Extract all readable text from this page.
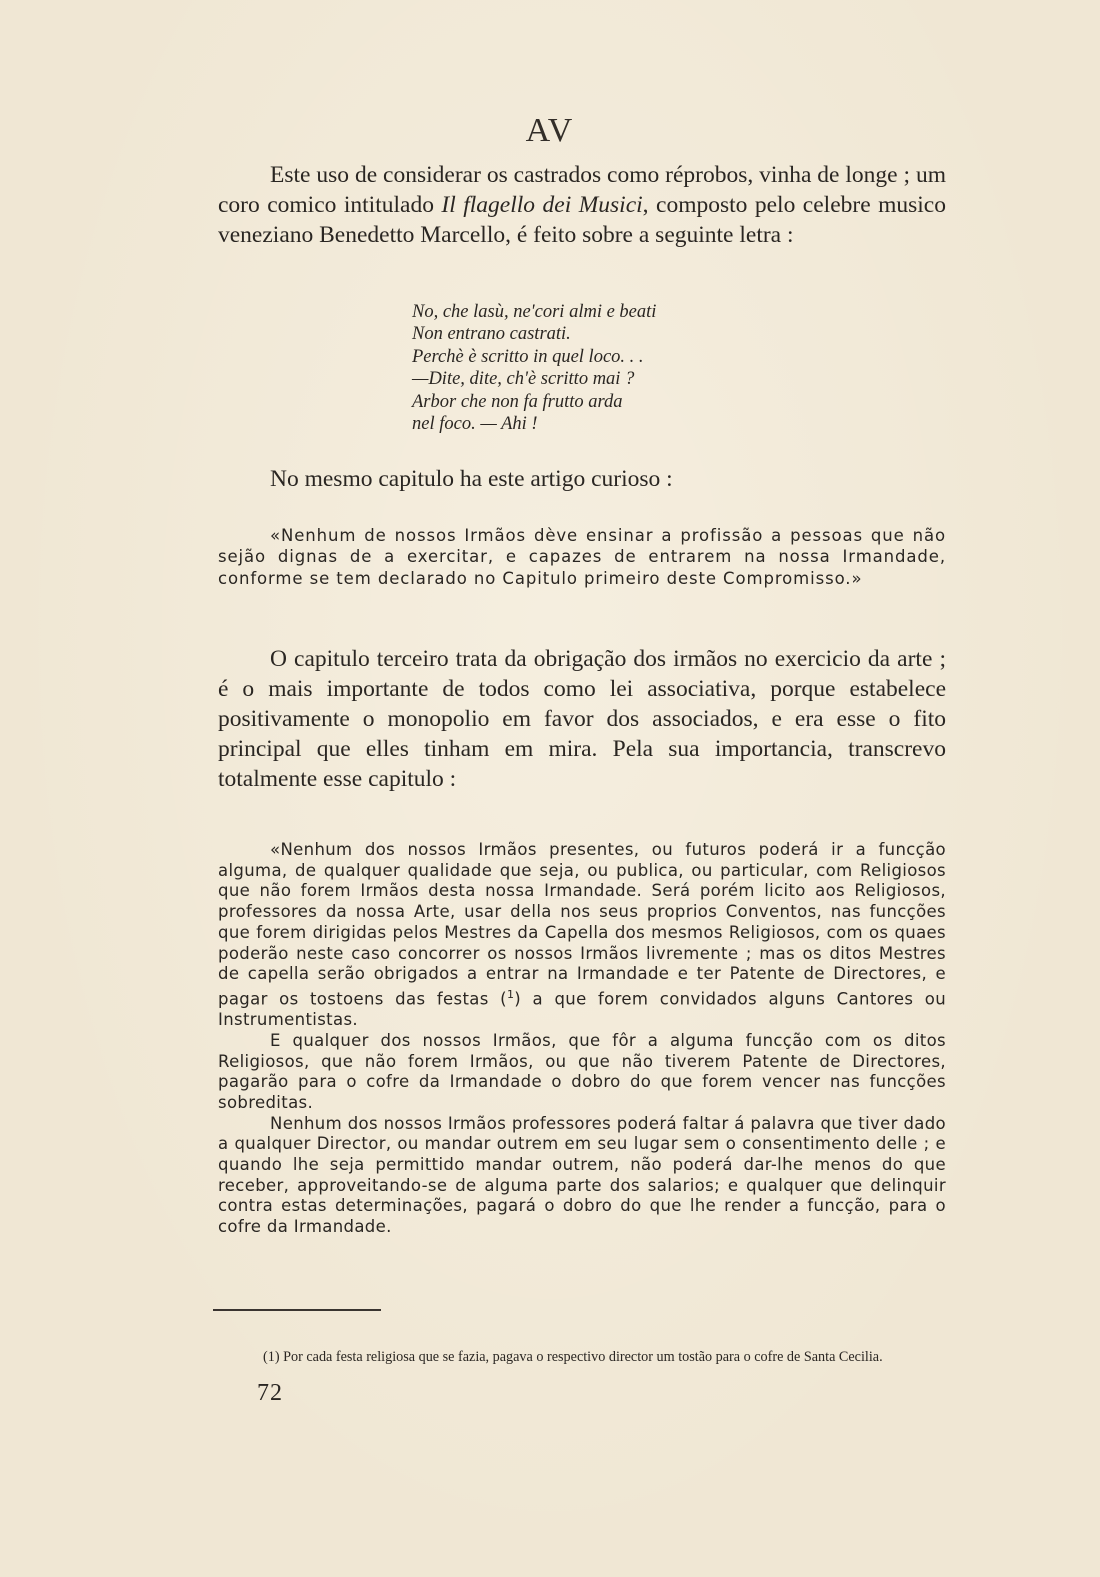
AV

Este uso de considerar os castrados como réprobos, vinha de longe ; um coro comico intitulado Il flagello dei Musici, composto pelo celebre musico veneziano Benedetto Marcello, é feito sobre a seguinte letra :

No, che lasù, ne'cori almi e beati
Non entrano castrati.
Perchè è scritto in quel loco. . .
—Dite, dite, ch'è scritto mai ?
Arbor che non fa frutto arda
nel foco. — Ahi !

No mesmo capitulo ha este artigo curioso :

«Nenhum de nossos Irmãos dève ensinar a profissão a pessoas que não sejão dignas de a exercitar, e capazes de entrarem na nossa Irmandade, conforme se tem declarado no Capitulo primeiro deste Compromisso.»

O capitulo terceiro trata da obrigação dos irmãos no exercicio da arte ; é o mais importante de todos como lei associativa, porque estabelece positivamente o monopolio em favor dos associados, e era esse o fito principal que elles tinham em mira. Pela sua importancia, transcrevo totalmente esse capitulo :

«Nenhum dos nossos Irmãos presentes, ou futuros poderá ir a funcção alguma, de qualquer qualidade que seja, ou publica, ou particular, com Religiosos que não forem Irmãos desta nossa Irmandade. Será porém licito aos Religiosos, professores da nossa Arte, usar della nos seus proprios Conventos, nas funcções que forem dirigidas pelos Mestres da Capella dos mesmos Religiosos, com os quaes poderão neste caso concorrer os nossos Irmãos livremente ; mas os ditos Mestres de capella serão obrigados a entrar na Irmandade e ter Patente de Directores, e pagar os tostoens das festas ($^1$) a que forem convidados alguns Cantores ou Instrumentistas.

E qualquer dos nossos Irmãos, que fôr a alguma funcção com os ditos Religiosos, que não forem Irmãos, ou que não tiverem Patente de Directores, pagarão para o cofre da Irmandade o dobro do que forem vencer nas funcções sobreditas.

Nenhum dos nossos Irmãos professores poderá faltar á palavra que tiver dado a qualquer Director, ou mandar outrem em seu lugar sem o consentimento delle ; e quando lhe seja permittido mandar outrem, não poderá dar-lhe menos do que receber, approveitando-se de alguma parte dos salarios; e qualquer que delinquir contra estas determinações, pagará o dobro do que lhe render a funcção, para o cofre da Irmandade.

(1) Por cada festa religiosa que se fazia, pagava o respectivo director um tostão para o cofre de Santa Cecilia.
72
